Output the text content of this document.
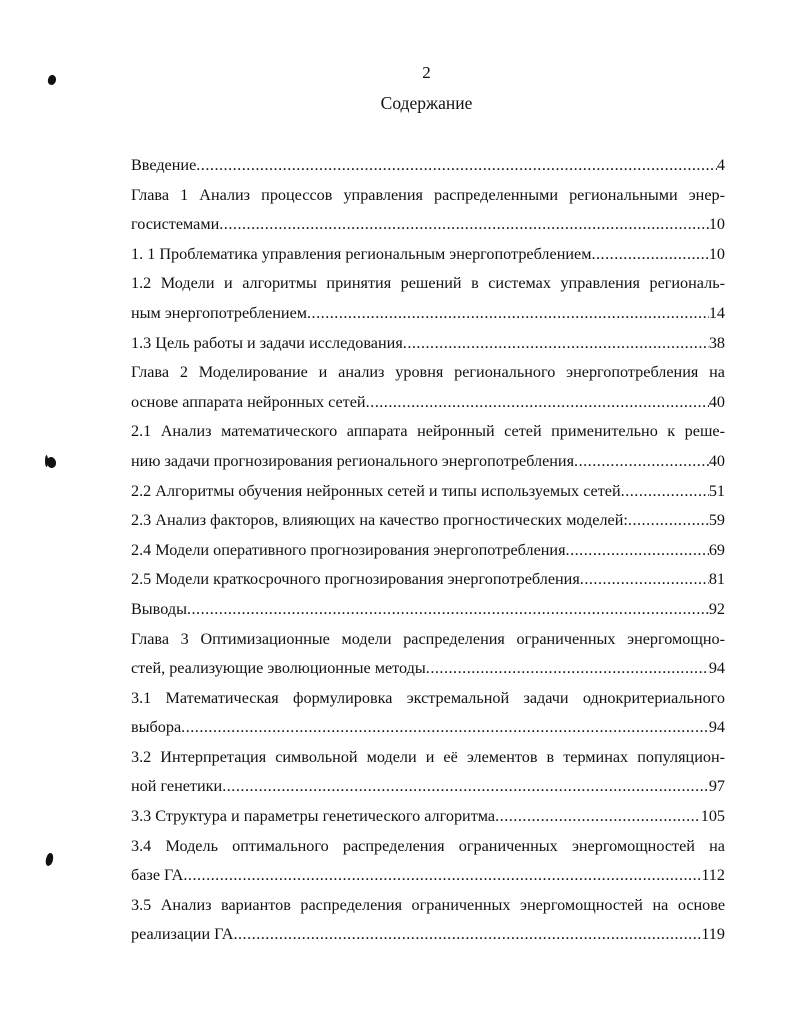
2
Содержание
Введение .....	4
Глава 1 Анализ процессов управления распределенными региональными энер-
госистемами .....	10
1. 1 Проблематика управления региональным энергопотреблением .....	10
1.2 Модели и алгоритмы принятия решений в системах управления региональ-
ным энергопотреблением .....	14
1.3 Цель работы и задачи исследования .....	38
Глава 2 Моделирование и анализ уровня регионального энергопотребления на
основе аппарата нейронных сетей .....	40
2.1 Анализ математического аппарата нейронный сетей применительно к реше-
нию задачи прогнозирования регионального энергопотребления .....	40
2.2 Алгоритмы обучения нейронных сетей и типы используемых сетей .....	51
2.3 Анализ факторов, влияющих на качество прогностических моделей: .....	59
2.4 Модели оперативного прогнозирования энергопотребления .....	69
2.5 Модели краткосрочного прогнозирования энергопотребления .....	81
Выводы .....	92
Глава 3 Оптимизационные модели распределения ограниченных энергомощно-
стей, реализующие эволюционные методы .....	94
3.1 Математическая формулировка экстремальной задачи однокритериального
выбора .....	94
3.2 Интерпретация символьной модели и её элементов в терминах популяцион-
ной генетики .....	97
3.3 Структура и параметры генетического алгоритма .....	105
3.4 Модель оптимального распределения ограниченных энергомощностей на
базе ГА .....	112
3.5 Анализ вариантов распределения ограниченных энергомощностей на основе
реализации ГА .....	119
